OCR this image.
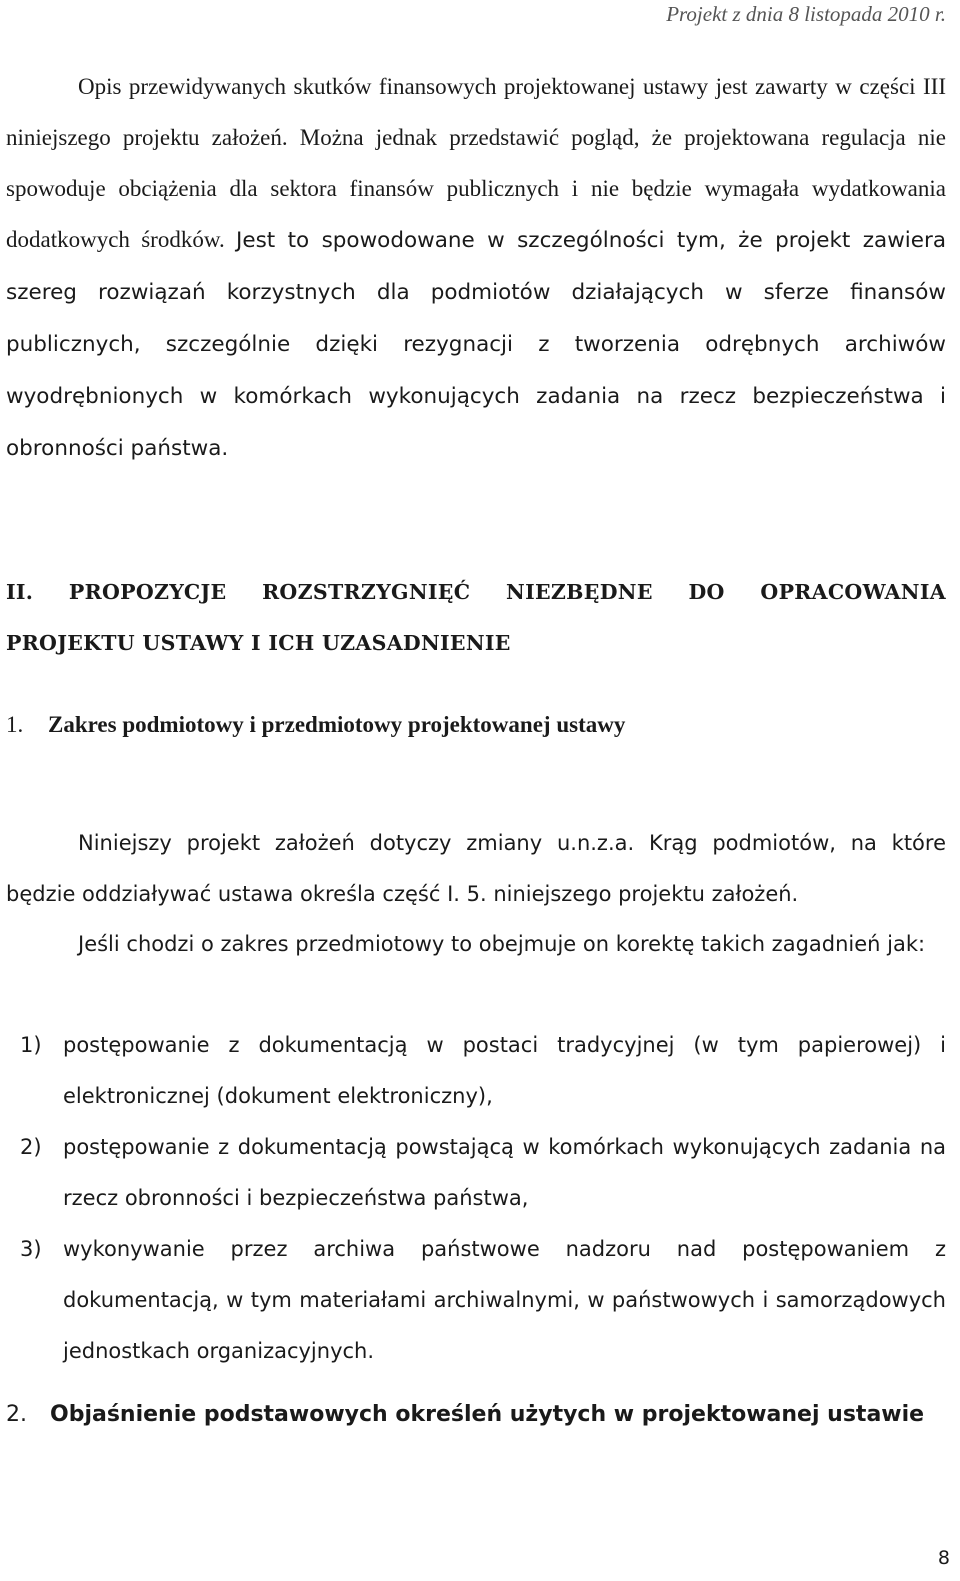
Projekt z dnia 8 listopada 2010 r.
Opis przewidywanych skutków finansowych projektowanej ustawy jest zawarty w części III niniejszego projektu założeń. Można jednak przedstawić pogląd, że projektowana regulacja nie spowoduje obciążenia dla sektora finansów publicznych i nie będzie wymagała wydatkowania dodatkowych środków. Jest to spowodowane w szczególności tym, że projekt zawiera szereg rozwiązań korzystnych dla podmiotów działających w sferze finansów publicznych, szczególnie dzięki rezygnacji z tworzenia odrębnych archiwów wyodrębnionych w komórkach wykonujących zadania na rzecz bezpieczeństwa i obronności państwa.
II. PROPOZYCJE ROZSTRZYGNIĘĆ NIEZBĘDNE DO OPRACOWANIA
PROJEKTU USTAWY I ICH UZASADNIENIE
1. Zakres podmiotowy i przedmiotowy projektowanej ustawy
Niniejszy projekt założeń dotyczy zmiany u.n.z.a. Krąg podmiotów, na które będzie oddziaływać ustawa określa część I. 5. niniejszego projektu założeń.
Jeśli chodzi o zakres przedmiotowy to obejmuje on korektę takich zagadnień jak:
1)	postępowanie z dokumentacją w postaci tradycyjnej (w tym papierowej) i elektronicznej (dokument elektroniczny),
2)	postępowanie z dokumentacją powstającą w komórkach wykonujących zadania na rzecz obronności i bezpieczeństwa państwa,
3)	wykonywanie przez archiwa państwowe nadzoru nad postępowaniem z dokumentacją, w tym materiałami archiwalnymi, w państwowych i samorządowych jednostkach organizacyjnych.
2. Objaśnienie podstawowych określeń użytych w projektowanej ustawie
8
